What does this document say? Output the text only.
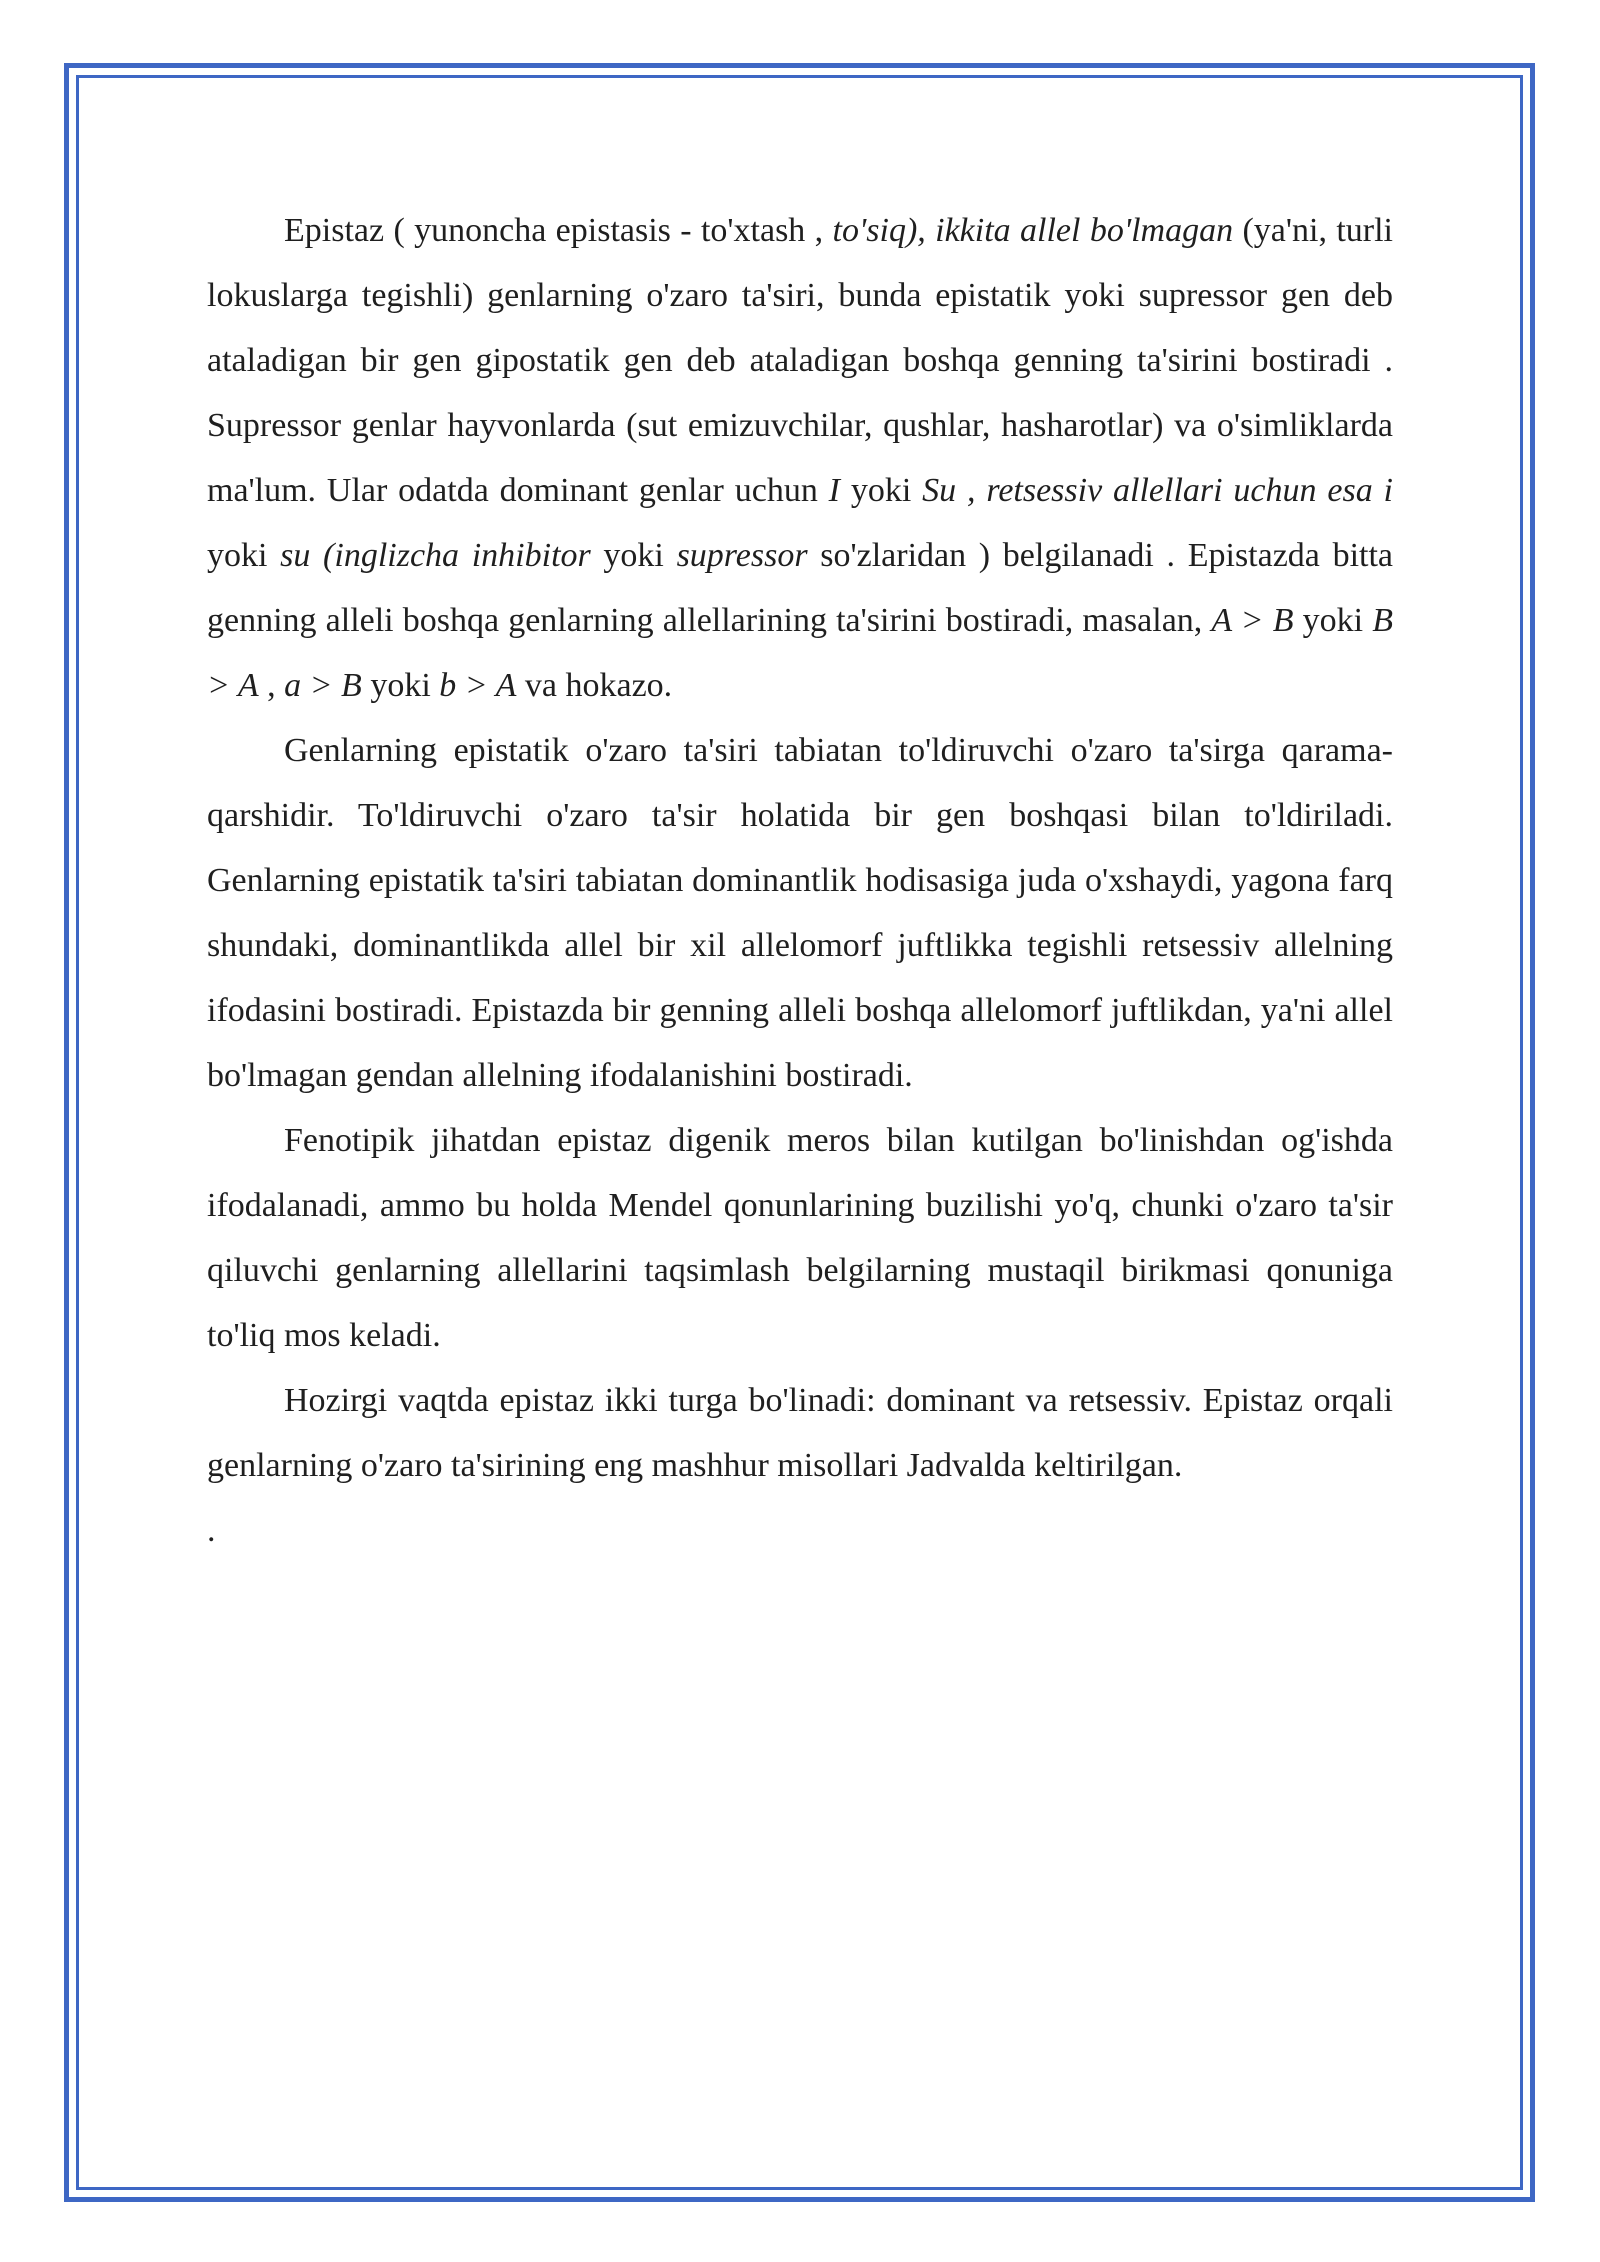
Epistaz ( yunoncha epistasis - to'xtash , to'siq), ikkita allel bo'lmagan (ya'ni, turli lokuslarga tegishli) genlarning o'zaro ta'siri, bunda epistatik yoki supressor gen deb ataladigan bir gen gipostatik gen deb ataladigan boshqa genning ta'sirini bostiradi . Supressor genlar hayvonlarda (sut emizuvchilar, qushlar, hasharotlar) va o'simliklarda ma'lum. Ular odatda dominant genlar uchun I yoki Su , retsessiv allellari uchun esa i yoki su (inglizcha inhibitor yoki supressor so'zlaridan ) belgilanadi . Epistazda bitta genning alleli boshqa genlarning allellarining ta'sirini bostiradi, masalan, A > B yoki B > A , a > B yoki b > A va hokazo.

Genlarning epistatik o'zaro ta'siri tabiatan to'ldiruvchi o'zaro ta'sirga qarama-qarshidir. To'ldiruvchi o'zaro ta'sir holatida bir gen boshqasi bilan to'ldiriladi. Genlarning epistatik ta'siri tabiatan dominantlik hodisasiga juda o'xshaydi, yagona farq shundaki, dominantlikda allel bir xil allelomorf juftlikka tegishli retsessiv allelning ifodasini bostiradi. Epistazda bir genning alleli boshqa allelomorf juftlikdan, ya'ni allel bo'lmagan gendan allelning ifodalanishini bostiradi.

Fenotipik jihatdan epistaz digenik meros bilan kutilgan bo'linishdan og'ishda ifodalanadi, ammo bu holda Mendel qonunlarining buzilishi yo'q, chunki o'zaro ta'sir qiluvchi genlarning allellarini taqsimlash belgilarning mustaqil birikmasi qonuniga to'liq mos keladi.

Hozirgi vaqtda epistaz ikki turga bo'linadi: dominant va retsessiv. Epistaz orqali genlarning o'zaro ta'sirining eng mashhur misollari Jadvalda keltirilgan.

.
